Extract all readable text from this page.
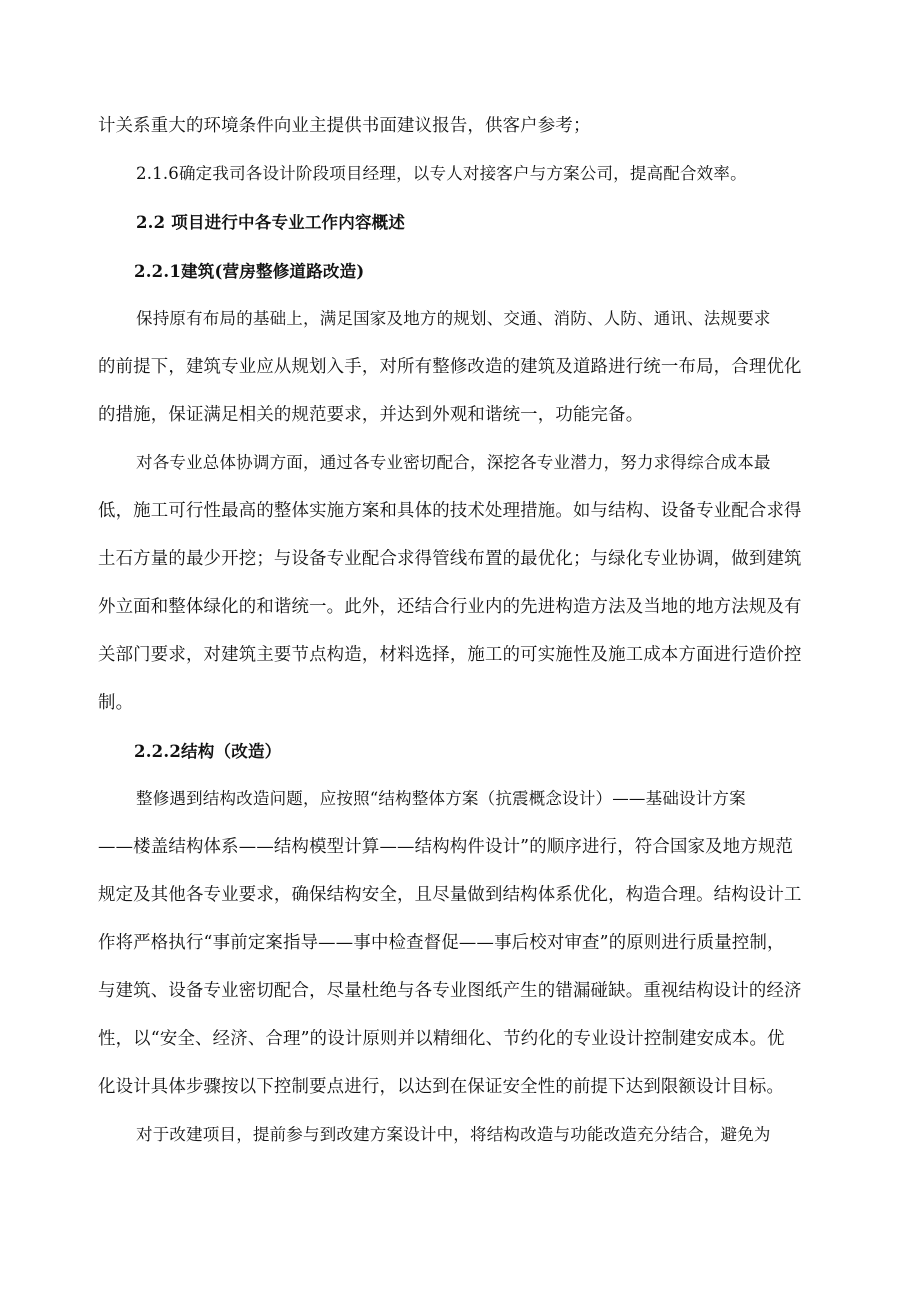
计关系重大的环境条件向业主提供书面建议报告，供客户参考；
2.1.6确定我司各设计阶段项目经理，以专人对接客户与方案公司，提高配合效率。
2.2 项目进行中各专业工作内容概述
2.2.1建筑(营房整修道路改造)
保持原有布局的基础上，满足国家及地方的规划、交通、消防、人防、通讯、法规要求
的前提下，建筑专业应从规划入手，对所有整修改造的建筑及道路进行统一布局，合理优化
的措施，保证满足相关的规范要求，并达到外观和谐统一，功能完备。
对各专业总体协调方面，通过各专业密切配合，深挖各专业潜力，努力求得综合成本最
低，施工可行性最高的整体实施方案和具体的技术处理措施。如与结构、设备专业配合求得
土石方量的最少开挖；与设备专业配合求得管线布置的最优化；与绿化专业协调，做到建筑
外立面和整体绿化的和谐统一。此外，还结合行业内的先进构造方法及当地的地方法规及有
关部门要求，对建筑主要节点构造，材料选择，施工的可实施性及施工成本方面进行造价控
制。
2.2.2结构（改造）
整修遇到结构改造问题，应按照“结构整体方案（抗震概念设计）——基础设计方案
——楼盖结构体系——结构模型计算——结构构件设计”的顺序进行，符合国家及地方规范
规定及其他各专业要求，确保结构安全，且尽量做到结构体系优化，构造合理。结构设计工
作将严格执行“事前定案指导——事中检查督促——事后校对审查”的原则进行质量控制，
与建筑、设备专业密切配合，尽量杜绝与各专业图纸产生的错漏碰缺。重视结构设计的经济
性，以“安全、经济、合理”的设计原则并以精细化、节约化的专业设计控制建安成本。优
化设计具体步骤按以下控制要点进行，以达到在保证安全性的前提下达到限额设计目标。
对于改建项目，提前参与到改建方案设计中，将结构改造与功能改造充分结合，避免为
